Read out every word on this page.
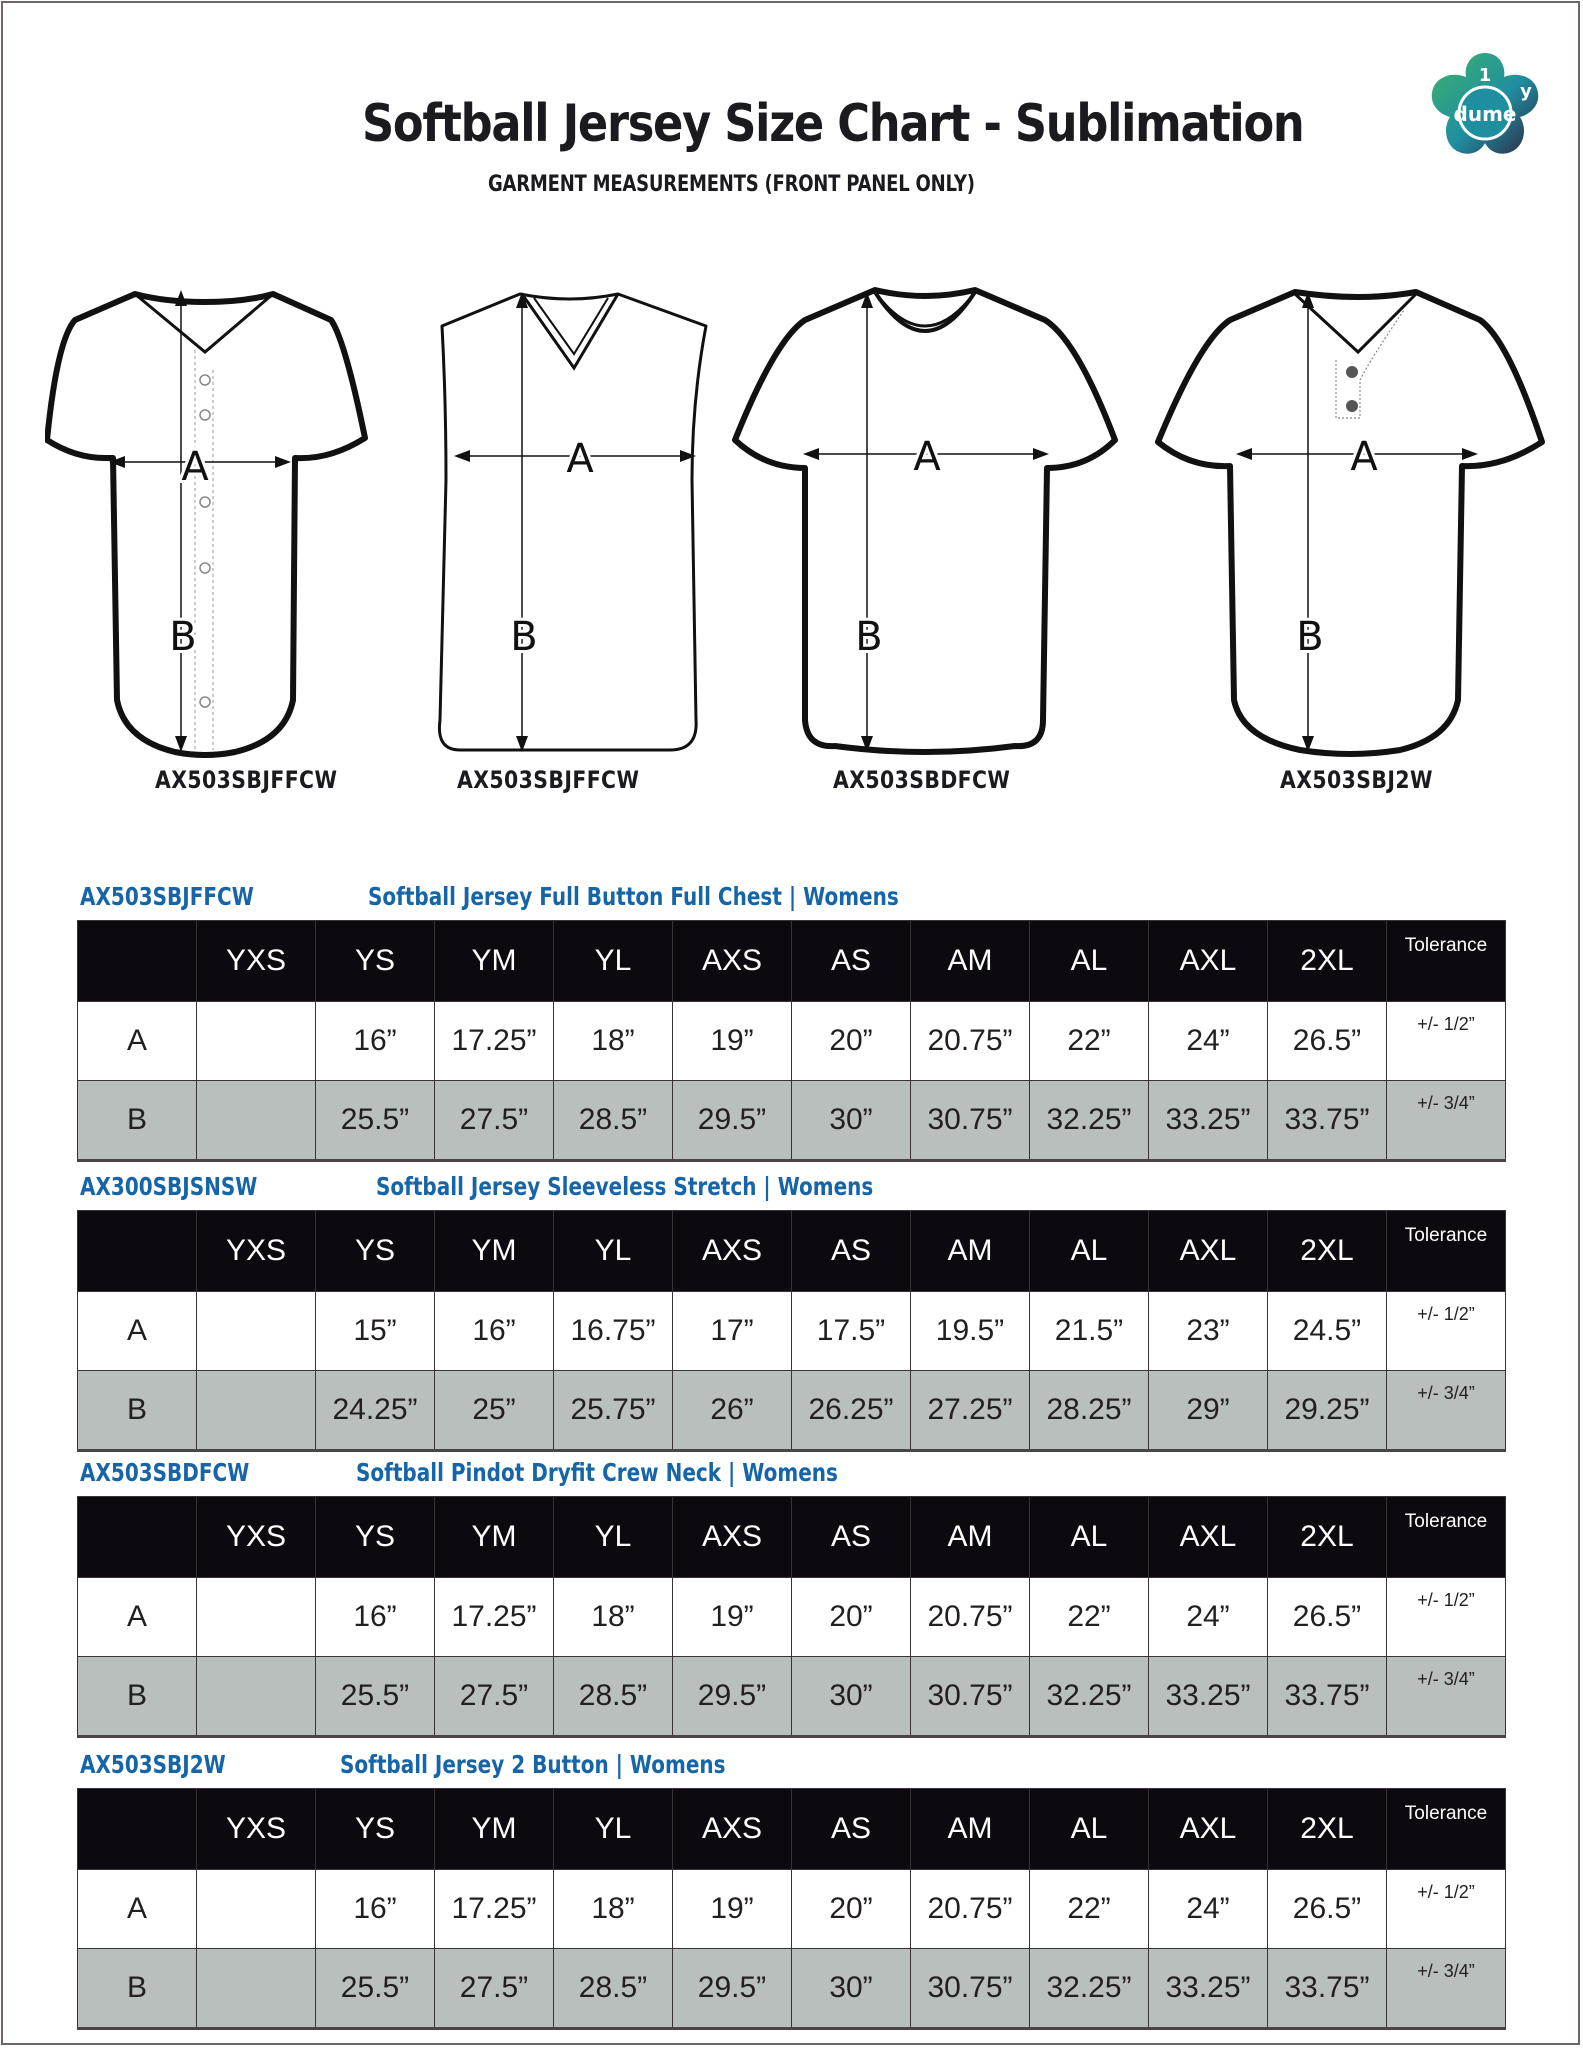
Softball Jersey Size Chart - Sublimation
GARMENT MEASUREMENTS (FRONT PANEL ONLY)
dume
1
y
A
B
AX503SBJFFCW
A
B
AX503SBJFFCW
A
B
AX503SBDFCW
A
B
AX503SBJ2W
AX503SBJFFCW	Softball Jersey Full Button Full Chest | Womens
	YXS	YS	YM	YL	AXS	AS	AM	AL	AXL	2XL	Tolerance
A		16”	17.25”	18”	19”	20”	20.75”	22”	24”	26.5”	+/- 1/2”
B		25.5”	27.5”	28.5”	29.5”	30”	30.75”	32.25”	33.25”	33.75”	+/- 3/4”
AX300SBJSNSW	Softball Jersey Sleeveless Stretch | Womens
	YXS	YS	YM	YL	AXS	AS	AM	AL	AXL	2XL	Tolerance
A		15”	16”	16.75”	17”	17.5”	19.5”	21.5”	23”	24.5”	+/- 1/2”
B		24.25”	25”	25.75”	26”	26.25”	27.25”	28.25”	29”	29.25”	+/- 3/4”
AX503SBDFCW	Softball Pindot Dryfit Crew Neck | Womens
	YXS	YS	YM	YL	AXS	AS	AM	AL	AXL	2XL	Tolerance
A		16”	17.25”	18”	19”	20”	20.75”	22”	24”	26.5”	+/- 1/2”
B		25.5”	27.5”	28.5”	29.5”	30”	30.75”	32.25”	33.25”	33.75”	+/- 3/4”
AX503SBJ2W	Softball Jersey 2 Button | Womens
	YXS	YS	YM	YL	AXS	AS	AM	AL	AXL	2XL	Tolerance
A		16”	17.25”	18”	19”	20”	20.75”	22”	24”	26.5”	+/- 1/2”
B		25.5”	27.5”	28.5”	29.5”	30”	30.75”	32.25”	33.25”	33.75”	+/- 3/4”
